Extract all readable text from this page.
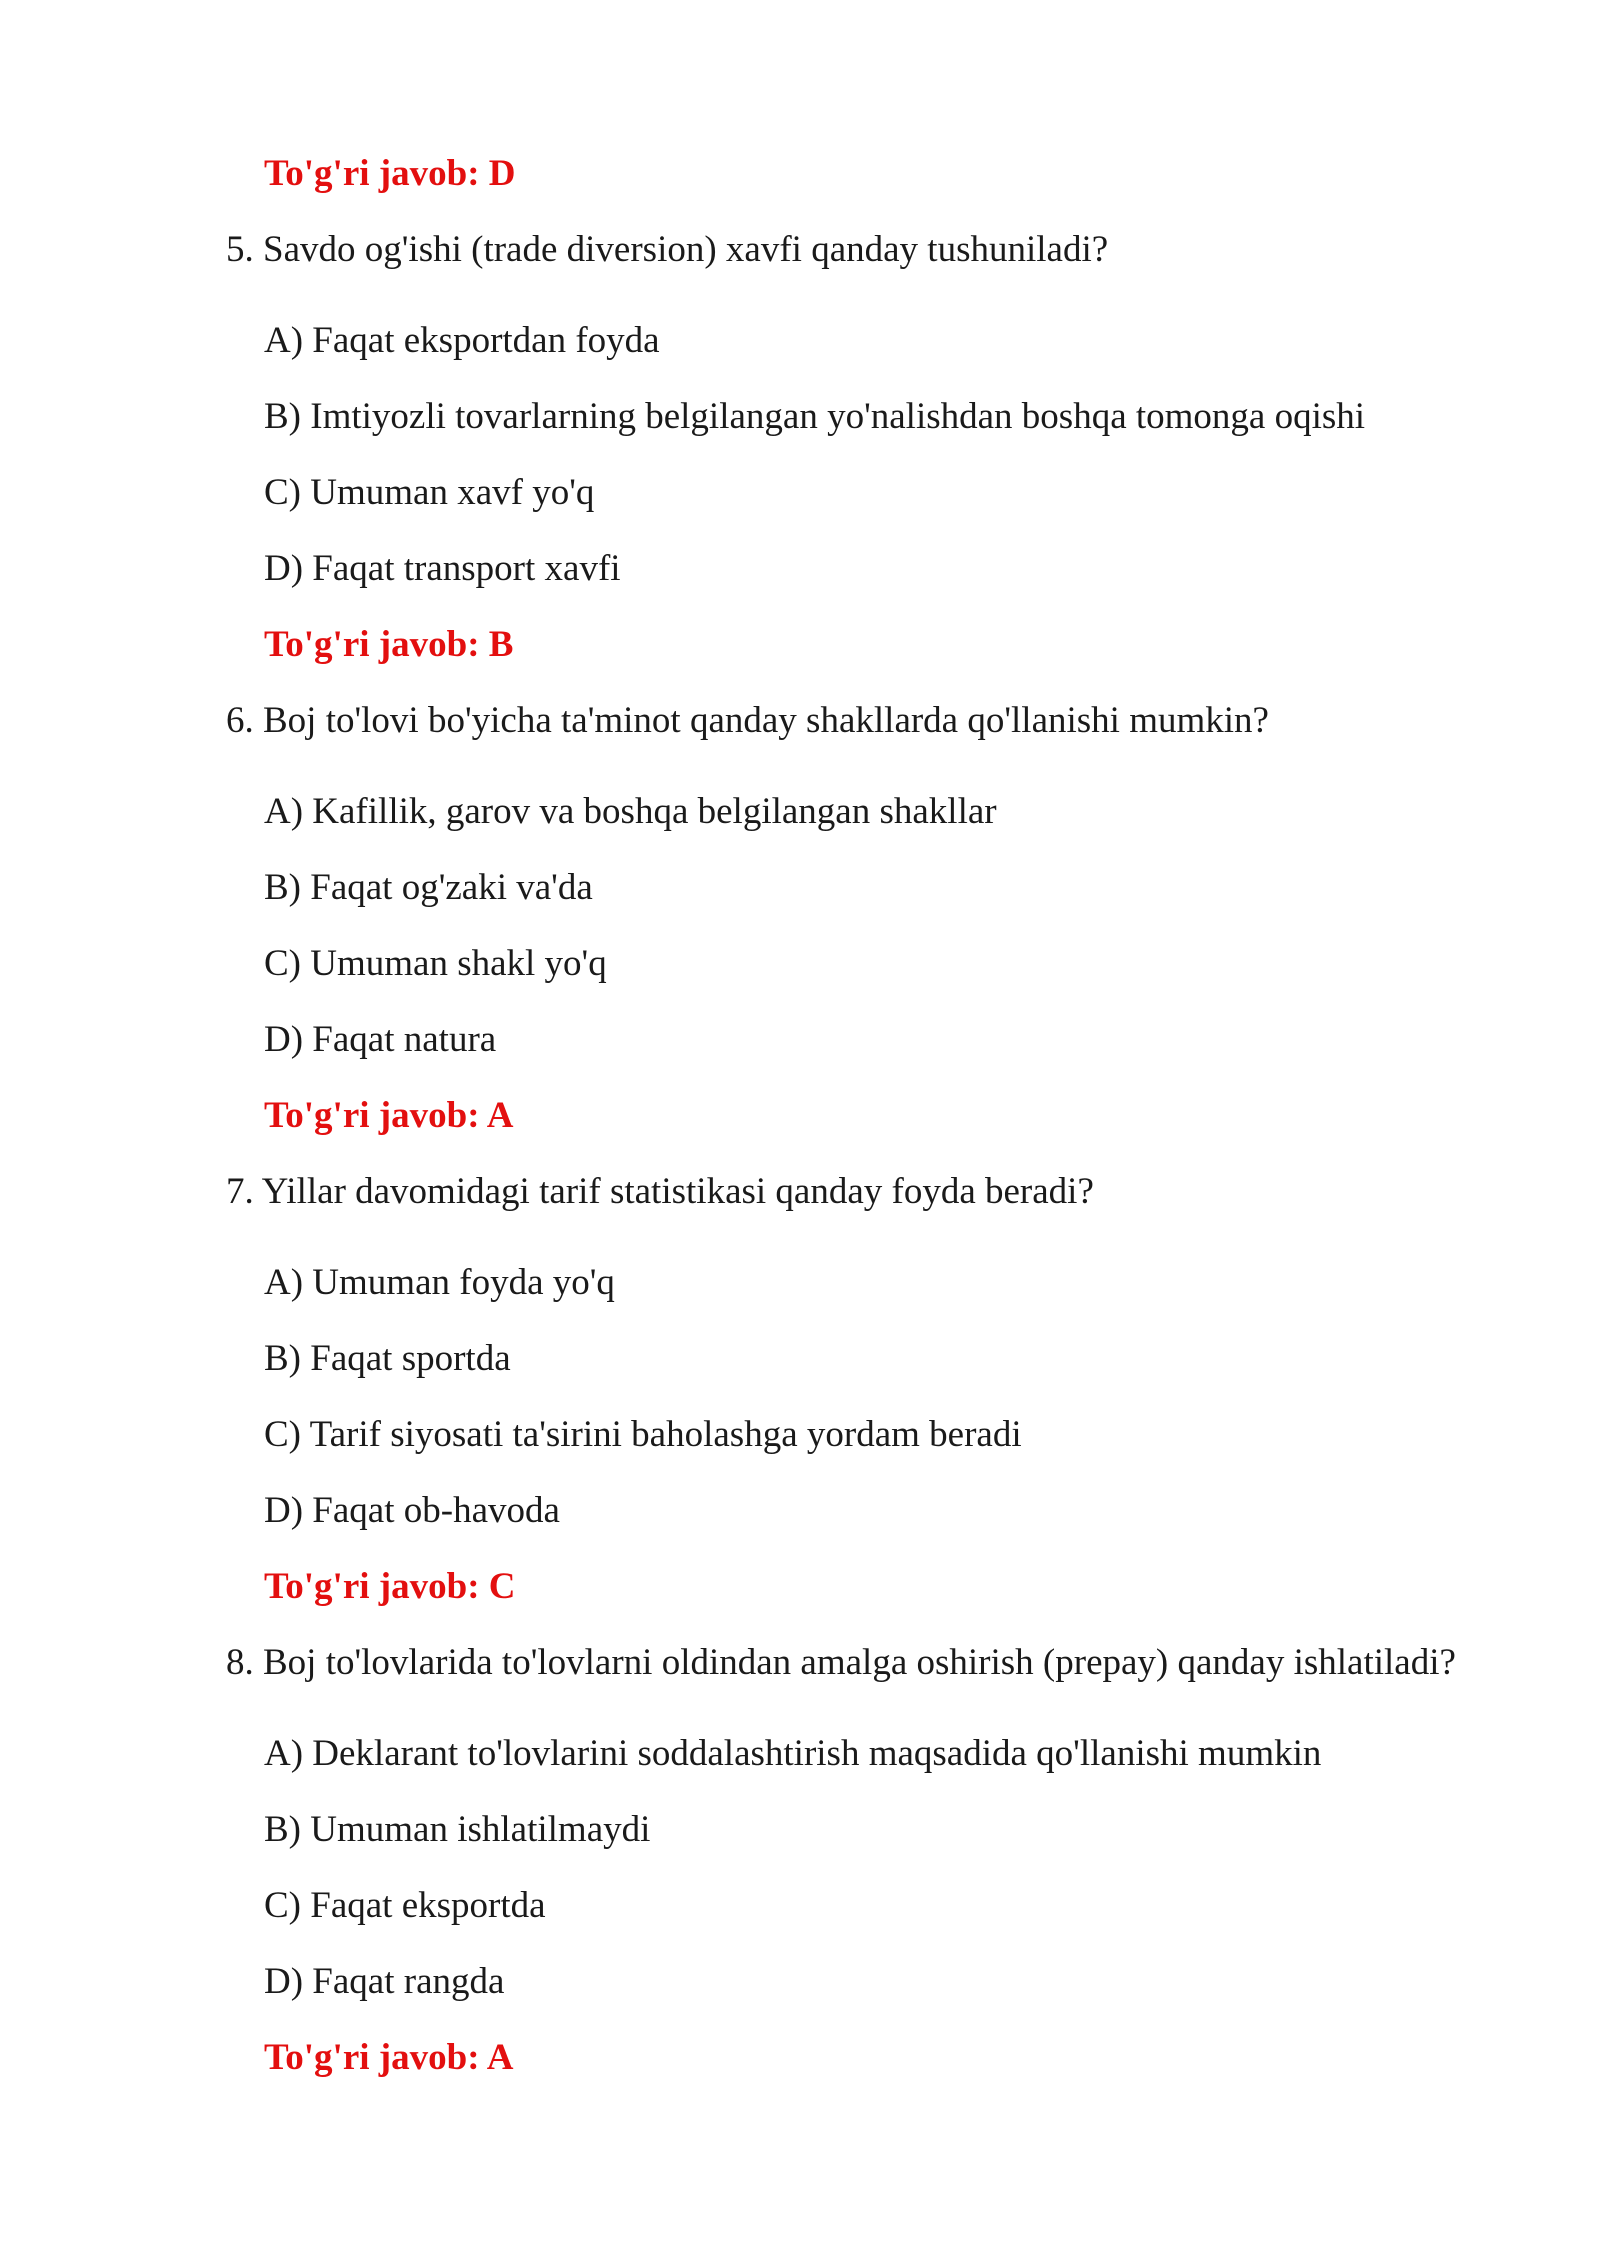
To'g'ri javob: D
5. Savdo og'ishi (trade diversion) xavfi qanday tushuniladi?
A) Faqat eksportdan foyda
B) Imtiyozli tovarlarning belgilangan yo'nalishdan boshqa tomonga oqishi
C) Umuman xavf yo'q
D) Faqat transport xavfi
To'g'ri javob: B
6. Boj to'lovi bo'yicha ta'minot qanday shakllarda qo'llanishi mumkin?
A) Kafillik, garov va boshqa belgilangan shakllar
B) Faqat og'zaki va'da
C) Umuman shakl yo'q
D) Faqat natura
To'g'ri javob: A
7. Yillar davomidagi tarif statistikasi qanday foyda beradi?
A) Umuman foyda yo'q
B) Faqat sportda
C) Tarif siyosati ta'sirini baholashga yordam beradi
D) Faqat ob-havoda
To'g'ri javob: C
8. Boj to'lovlarida to'lovlarni oldindan amalga oshirish (prepay) qanday ishlatiladi?
A) Deklarant to'lovlarini soddalashtirish maqsadida qo'llanishi mumkin
B) Umuman ishlatilmaydi
C) Faqat eksportda
D) Faqat rangda
To'g'ri javob: A
